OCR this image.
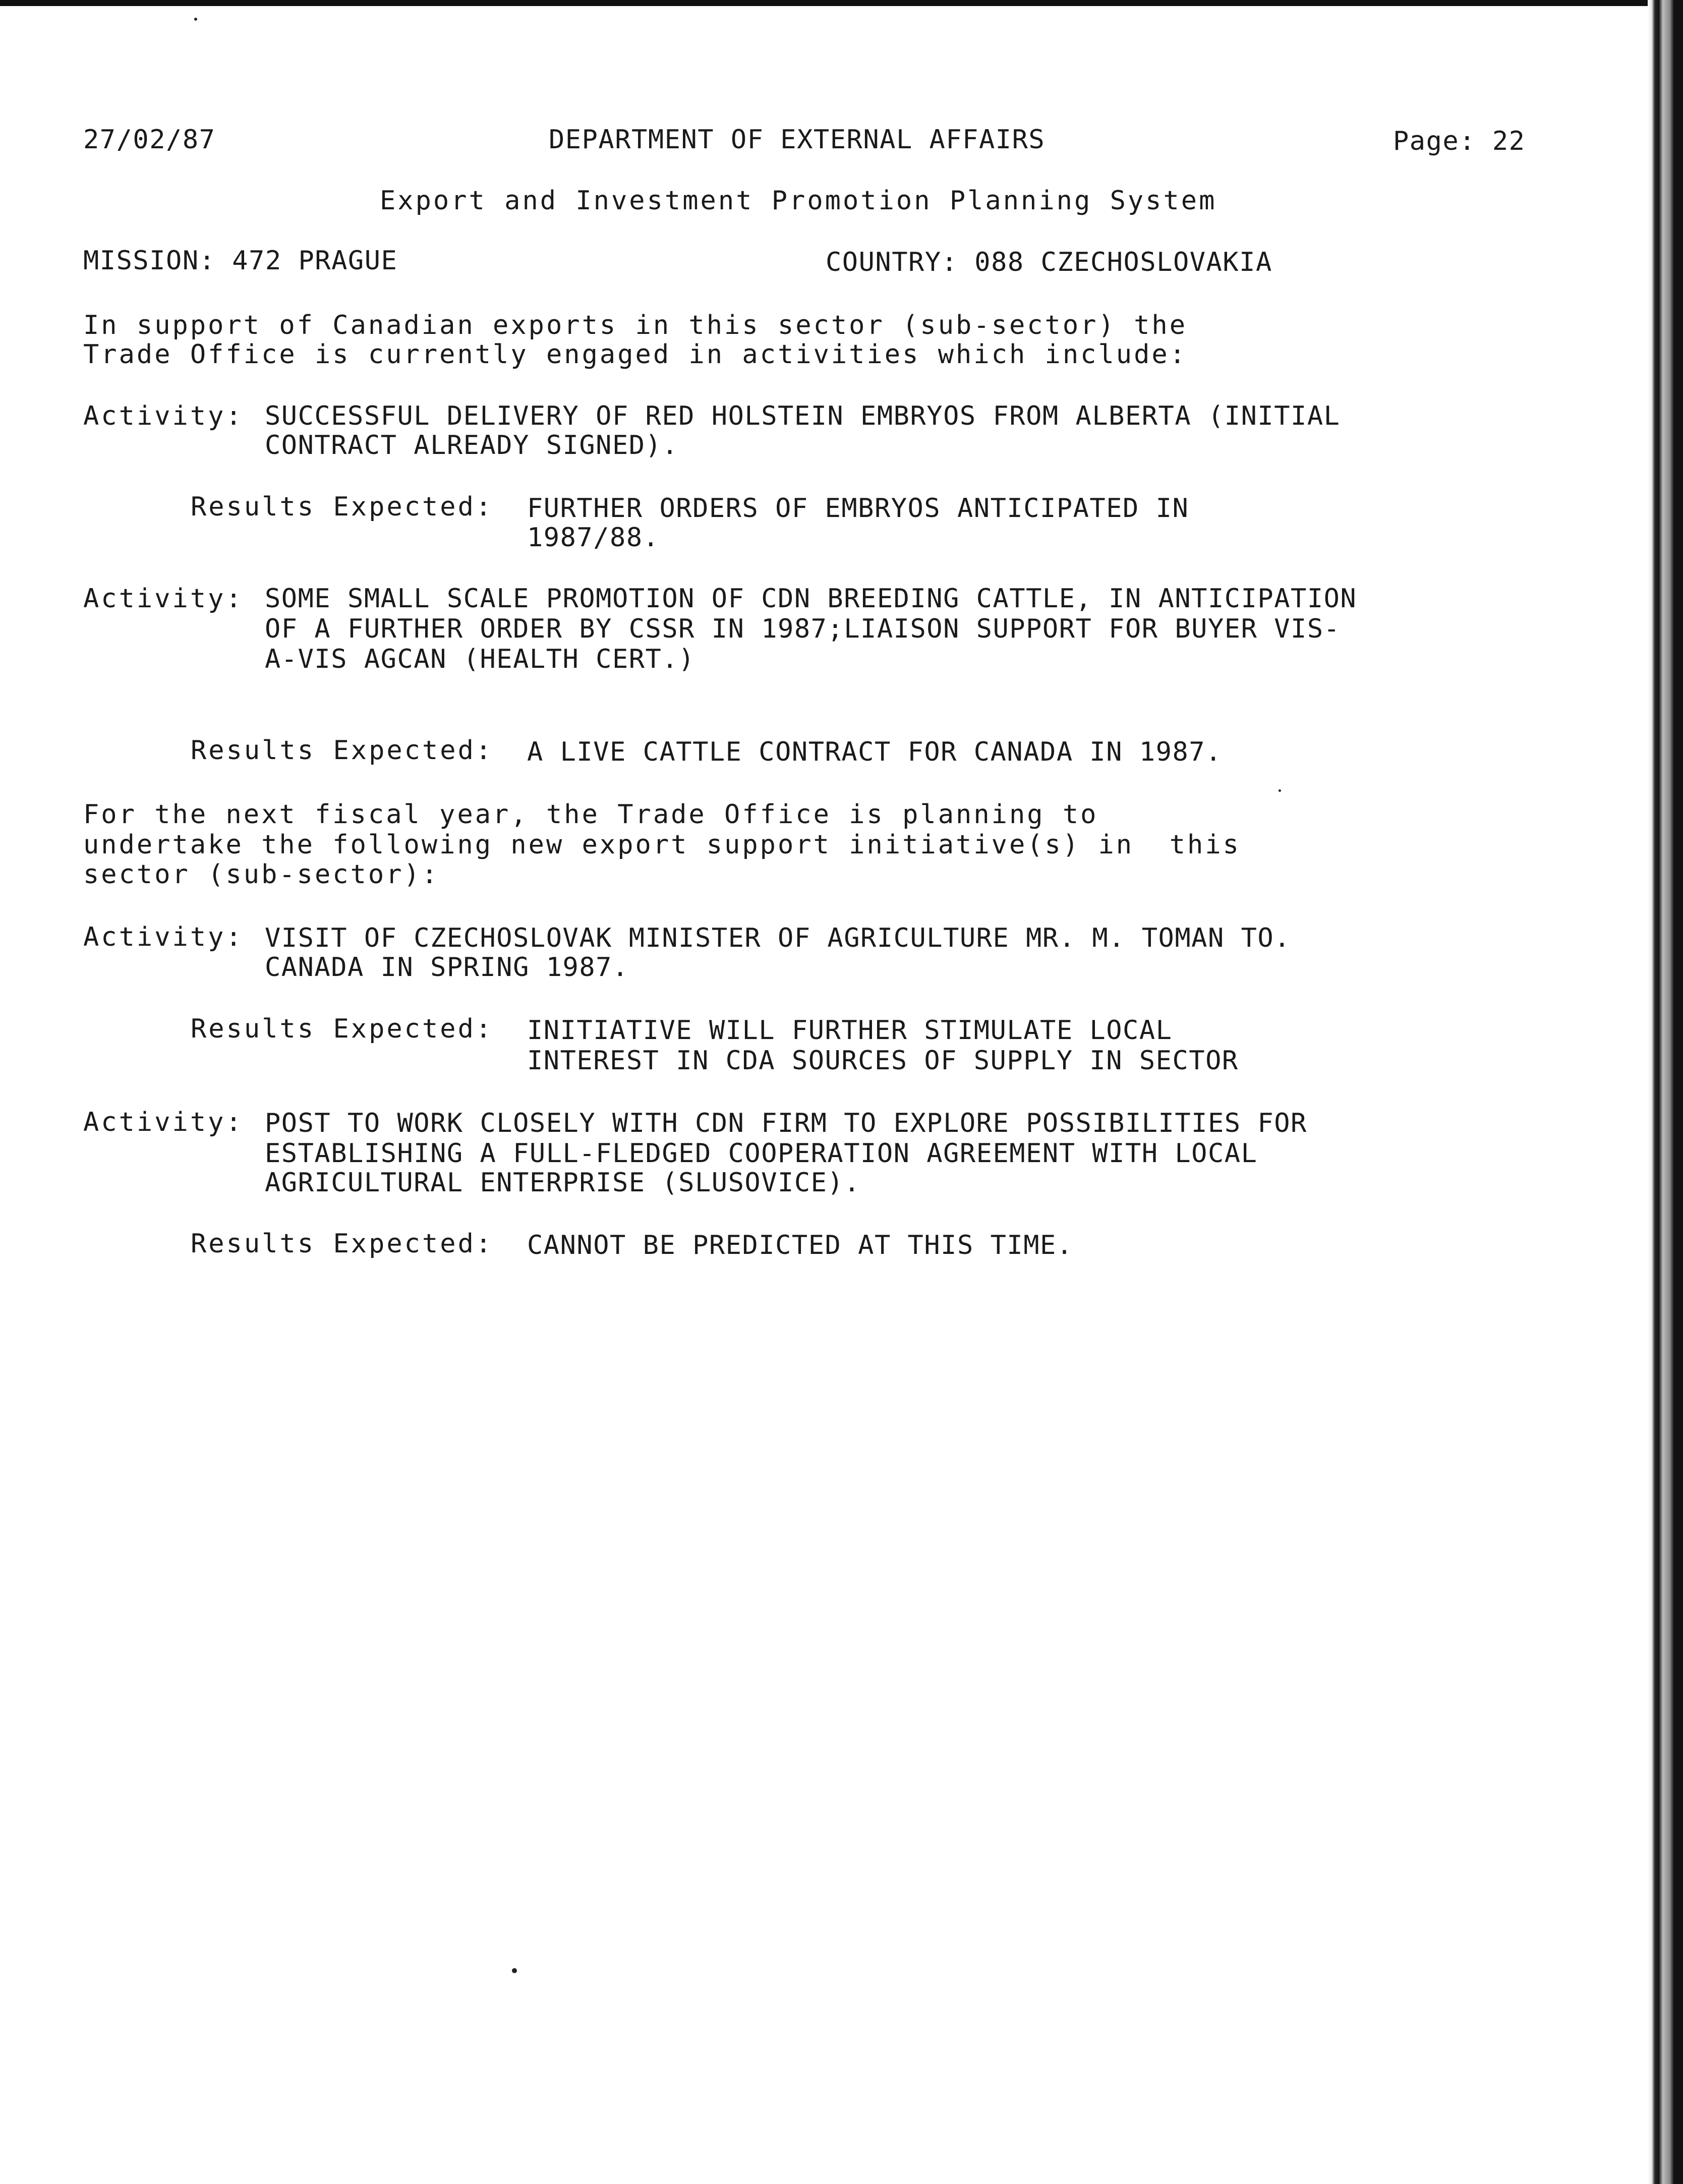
27/02/87	DEPARTMENT OF EXTERNAL AFFAIRS	Page: 22
Export and Investment Promotion Planning System
MISSION: 472 PRAGUE	COUNTRY: 088 CZECHOSLOVAKIA
In support of Canadian exports in this sector (sub-sector) the
Trade Office is currently engaged in activities which include:
Activity: SUCCESSFUL DELIVERY OF RED HOLSTEIN EMBRYOS FROM ALBERTA (INITIAL
CONTRACT ALREADY SIGNED).
Results Expected: FURTHER ORDERS OF EMBRYOS ANTICIPATED IN
1987/88.
Activity: SOME SMALL SCALE PROMOTION OF CDN BREEDING CATTLE, IN ANTICIPATION
OF A FURTHER ORDER BY CSSR IN 1987;LIAISON SUPPORT FOR BUYER VIS-
A-VIS AGCAN (HEALTH CERT.)
Results Expected: A LIVE CATTLE CONTRACT FOR CANADA IN 1987.
For the next fiscal year, the Trade Office is planning to
undertake the following new export support initiative(s) in  this
sector (sub-sector):
Activity: VISIT OF CZECHOSLOVAK MINISTER OF AGRICULTURE MR. M. TOMAN TO.
CANADA IN SPRING 1987.
Results Expected: INITIATIVE WILL FURTHER STIMULATE LOCAL
INTEREST IN CDA SOURCES OF SUPPLY IN SECTOR
Activity: POST TO WORK CLOSELY WITH CDN FIRM TO EXPLORE POSSIBILITIES FOR
ESTABLISHING A FULL-FLEDGED COOPERATION AGREEMENT WITH LOCAL
AGRICULTURAL ENTERPRISE (SLUSOVICE).
Results Expected: CANNOT BE PREDICTED AT THIS TIME.
